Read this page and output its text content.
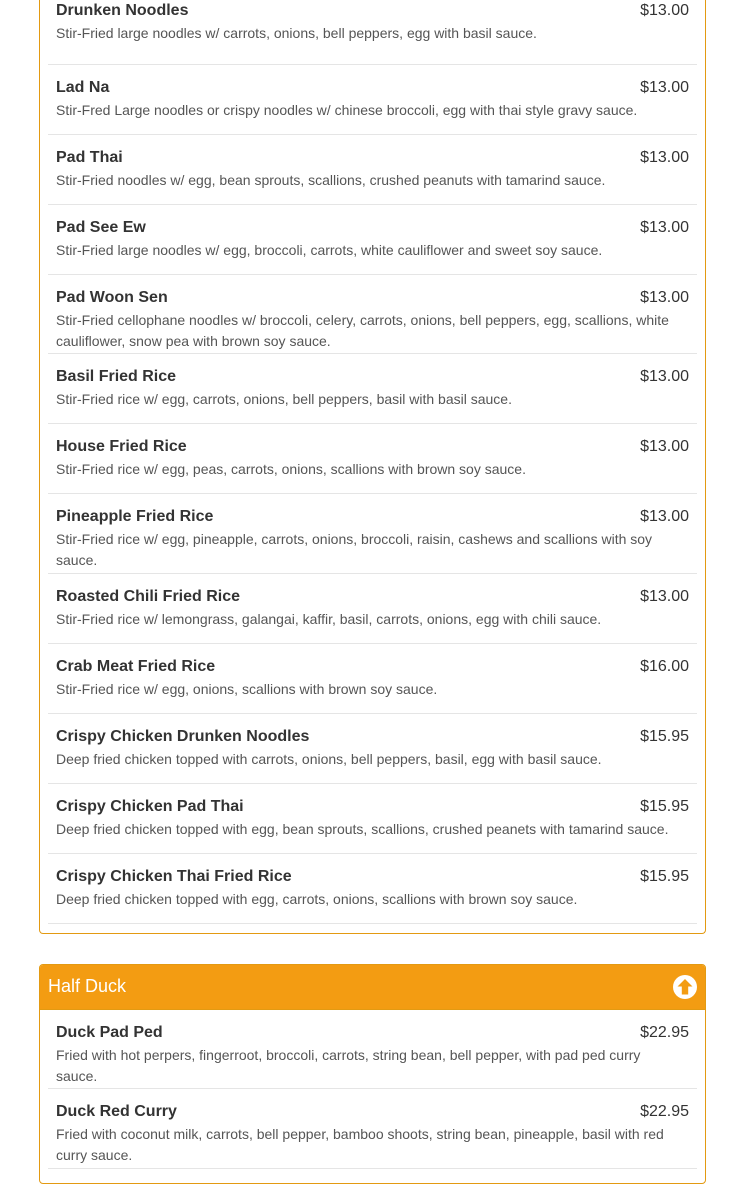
Drunken Noodles	$13.00
Stir-Fried large noodles w/ carrots, onions, bell peppers, egg with basil sauce.
Lad Na	$13.00
Stir-Fred Large noodles or crispy noodles w/ chinese broccoli, egg with thai style gravy sauce.
Pad Thai	$13.00
Stir-Fried noodles w/ egg, bean sprouts, scallions, crushed peanuts with tamarind sauce.
Pad See Ew	$13.00
Stir-Fried large noodles w/ egg, broccoli, carrots, white cauliflower and sweet soy sauce.
Pad Woon Sen	$13.00
Stir-Fried cellophane noodles w/ broccoli, celery, carrots, onions, bell peppers, egg, scallions, white cauliflower, snow pea with brown soy sauce.
Basil Fried Rice	$13.00
Stir-Fried rice w/ egg, carrots, onions, bell peppers, basil with basil sauce.
House Fried Rice	$13.00
Stir-Fried rice w/ egg, peas, carrots, onions, scallions with brown soy sauce.
Pineapple Fried Rice	$13.00
Stir-Fried rice w/ egg, pineapple, carrots, onions, broccoli, raisin, cashews and scallions with soy sauce.
Roasted Chili Fried Rice	$13.00
Stir-Fried rice w/ lemongrass, galangai, kaffir, basil, carrots, onions, egg with chili sauce.
Crab Meat Fried Rice	$16.00
Stir-Fried rice w/ egg, onions, scallions with brown soy sauce.
Crispy Chicken Drunken Noodles	$15.95
Deep fried chicken topped with carrots, onions, bell peppers, basil, egg with basil sauce.
Crispy Chicken Pad Thai	$15.95
Deep fried chicken topped with egg, bean sprouts, scallions, crushed peanets with tamarind sauce.
Crispy Chicken Thai Fried Rice	$15.95
Deep fried chicken topped with egg, carrots, onions, scallions with brown soy sauce.
Half Duck
Duck Pad Ped	$22.95
Fried with hot perpers, fingerroot, broccoli, carrots, string bean, bell pepper, with pad ped curry sauce.
Duck Red Curry	$22.95
Fried with coconut milk, carrots, bell pepper, bamboo shoots, string bean, pineapple, basil with red curry sauce.
